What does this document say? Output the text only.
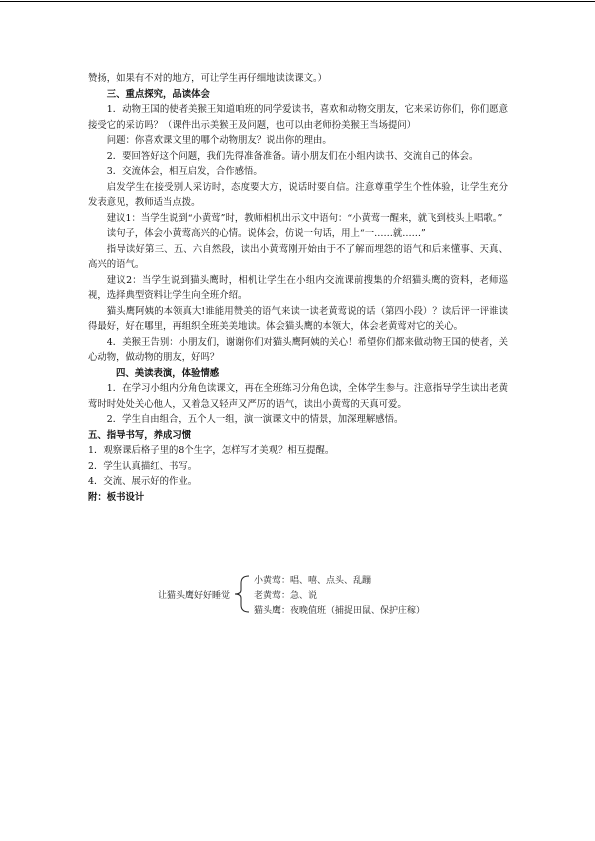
赞扬，如果有不对的地方，可让学生再仔细地读读课文。）

三、重点探究，品读体会

1．动物王国的使者美猴王知道咱班的同学爱读书，喜欢和动物交朋友，它来采访你们，你们愿意接受它的采访吗？（课件出示美猴王及问题，也可以由老师扮美猴王当场提问）

问题：你喜欢课文里的哪个动物朋友？说出你的理由。

2．要回答好这个问题，我们先得准备准备。请小朋友们在小组内读书、交流自己的体会。

3．交流体会，相互启发，合作感悟。

启发学生在接受别人采访时，态度要大方，说话时要自信。注意尊重学生个性体验，让学生充分发表意见，教师适当点拨。

建议1：当学生说到“小黄莺”时，教师相机出示文中语句：“小黄莺一醒来，就飞到枝头上唱歌。”

读句子，体会小黄莺高兴的心情。说体会，仿说一句话，用上“一……就……”

指导读好第三、五、六自然段，读出小黄莺刚开始由于不了解而埋怨的语气和后来懂事、天真、高兴的语气。

建议2：当学生说到猫头鹰时，相机让学生在小组内交流课前搜集的介绍猫头鹰的资料，老师巡视，选择典型资料让学生向全班介绍。

猫头鹰阿姨的本领真大!谁能用赞美的语气来读一读老黄莺说的话（第四小段）？读后评一评谁读得最好，好在哪里，再组织全班美美地读。体会猫头鹰的本领大，体会老黄莺对它的关心。

4．美猴王告别：小朋友们，谢谢你们对猫头鹰阿姨的关心！希望你们都来做动物王国的使者，关心动物，做动物的朋友，好吗？

四、美读表演，体验情感

1．在学习小组内分角色读课文，再在全班练习分角色读，全体学生参与。注意指导学生读出老黄莺时时处处关心他人，又着急又轻声又严厉的语气，读出小黄莺的天真可爱。

2．学生自由组合，五个人一组，演一演课文中的情景，加深理解感悟。

五、指导书写，养成习惯

1．观察课后格子里的8个生字，怎样写才美观？相互提醒。

2．学生认真描红、书写。

4．交流、展示好的作业。

附：板书设计

让猫头鹰好好睡觉
小黄莺：唱、嘻、点头、乱蹦
老黄莺：急、说
猫头鹰：夜晚值班（捕捉田鼠、保护庄稼）
